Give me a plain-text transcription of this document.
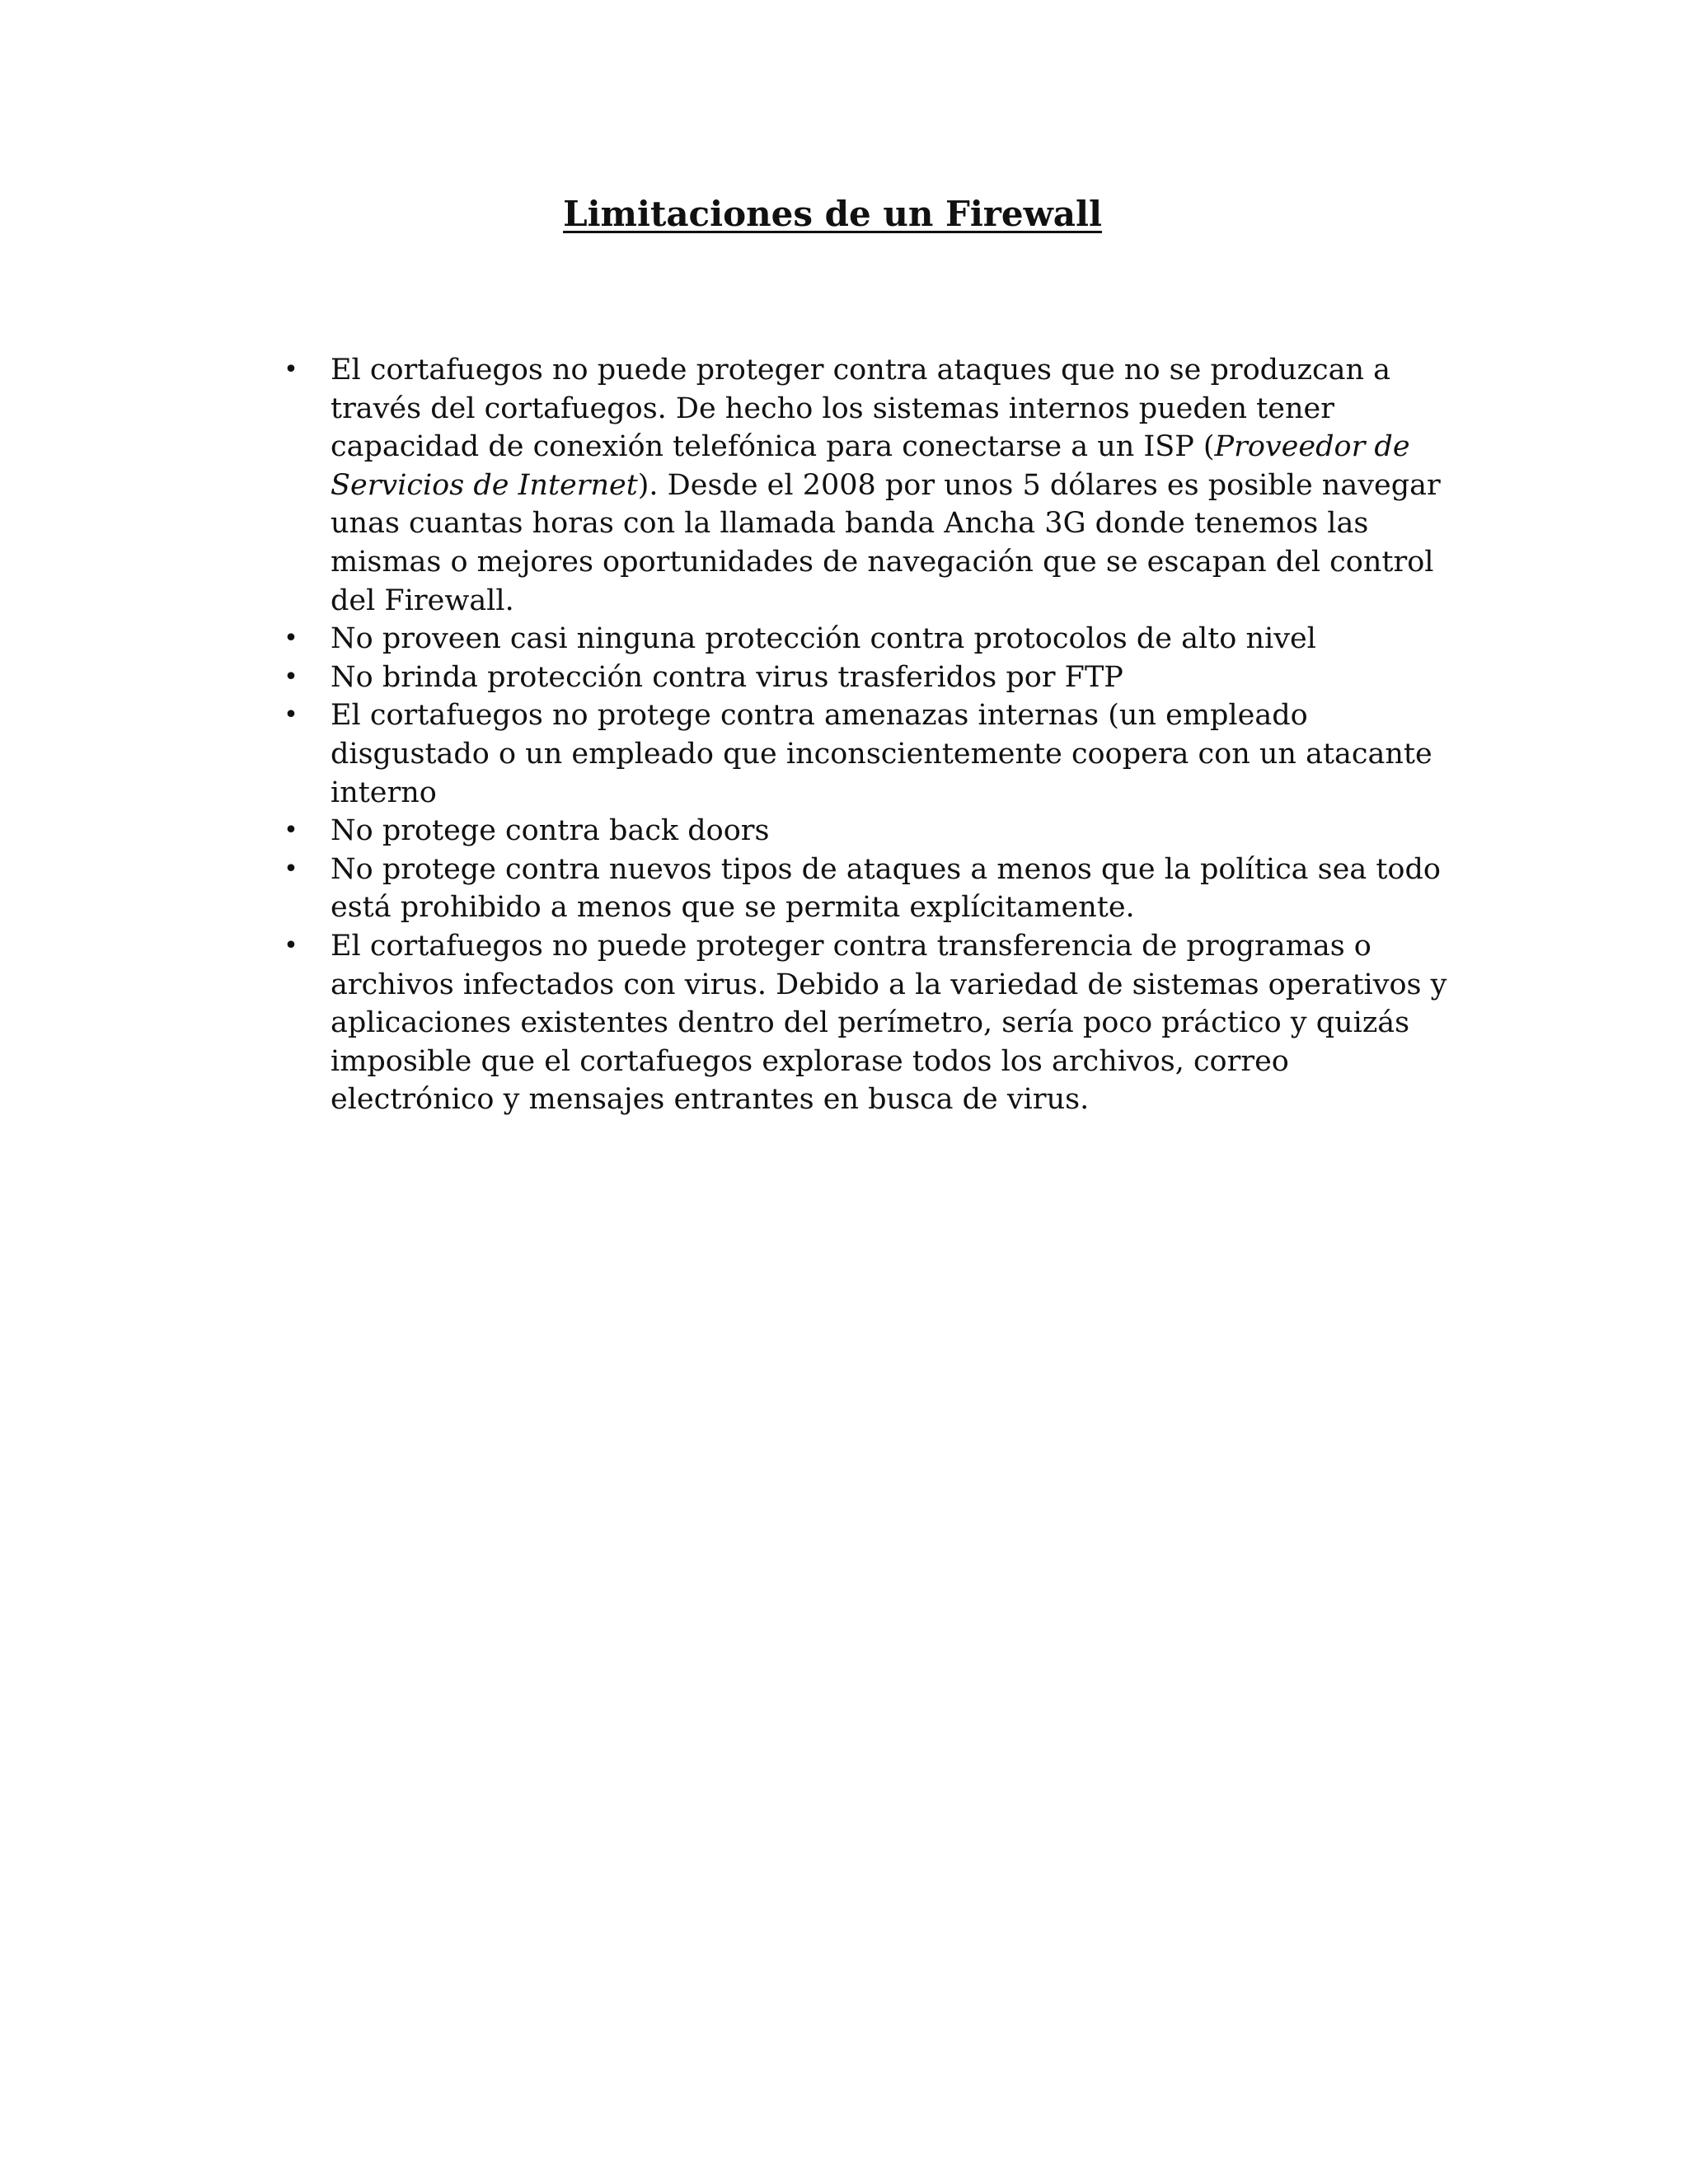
Limitaciones de un Firewall
• El cortafuegos no puede proteger contra ataques que no se produzcan a través del cortafuegos. De hecho los sistemas internos pueden tener capacidad de conexión telefónica para conectarse a un ISP (Proveedor de Servicios de Internet). Desde el 2008 por unos 5 dólares es posible navegar unas cuantas horas con la llamada banda Ancha 3G donde tenemos las mismas o mejores oportunidades de navegación que se escapan del control del Firewall.
• No proveen casi ninguna protección contra protocolos de alto nivel
• No brinda protección contra virus trasferidos por FTP
• El cortafuegos no protege contra amenazas internas (un empleado disgustado o un empleado que inconscientemente coopera con un atacante interno
• No protege contra back doors
• No protege contra nuevos tipos de ataques a menos que la política sea todo está prohibido a menos que se permita explícitamente.
• El cortafuegos no puede proteger contra transferencia de programas o archivos infectados con virus. Debido a la variedad de sistemas operativos y aplicaciones existentes dentro del perímetro, sería poco práctico y quizás imposible que el cortafuegos explorase todos los archivos, correo electrónico y mensajes entrantes en busca de virus.
